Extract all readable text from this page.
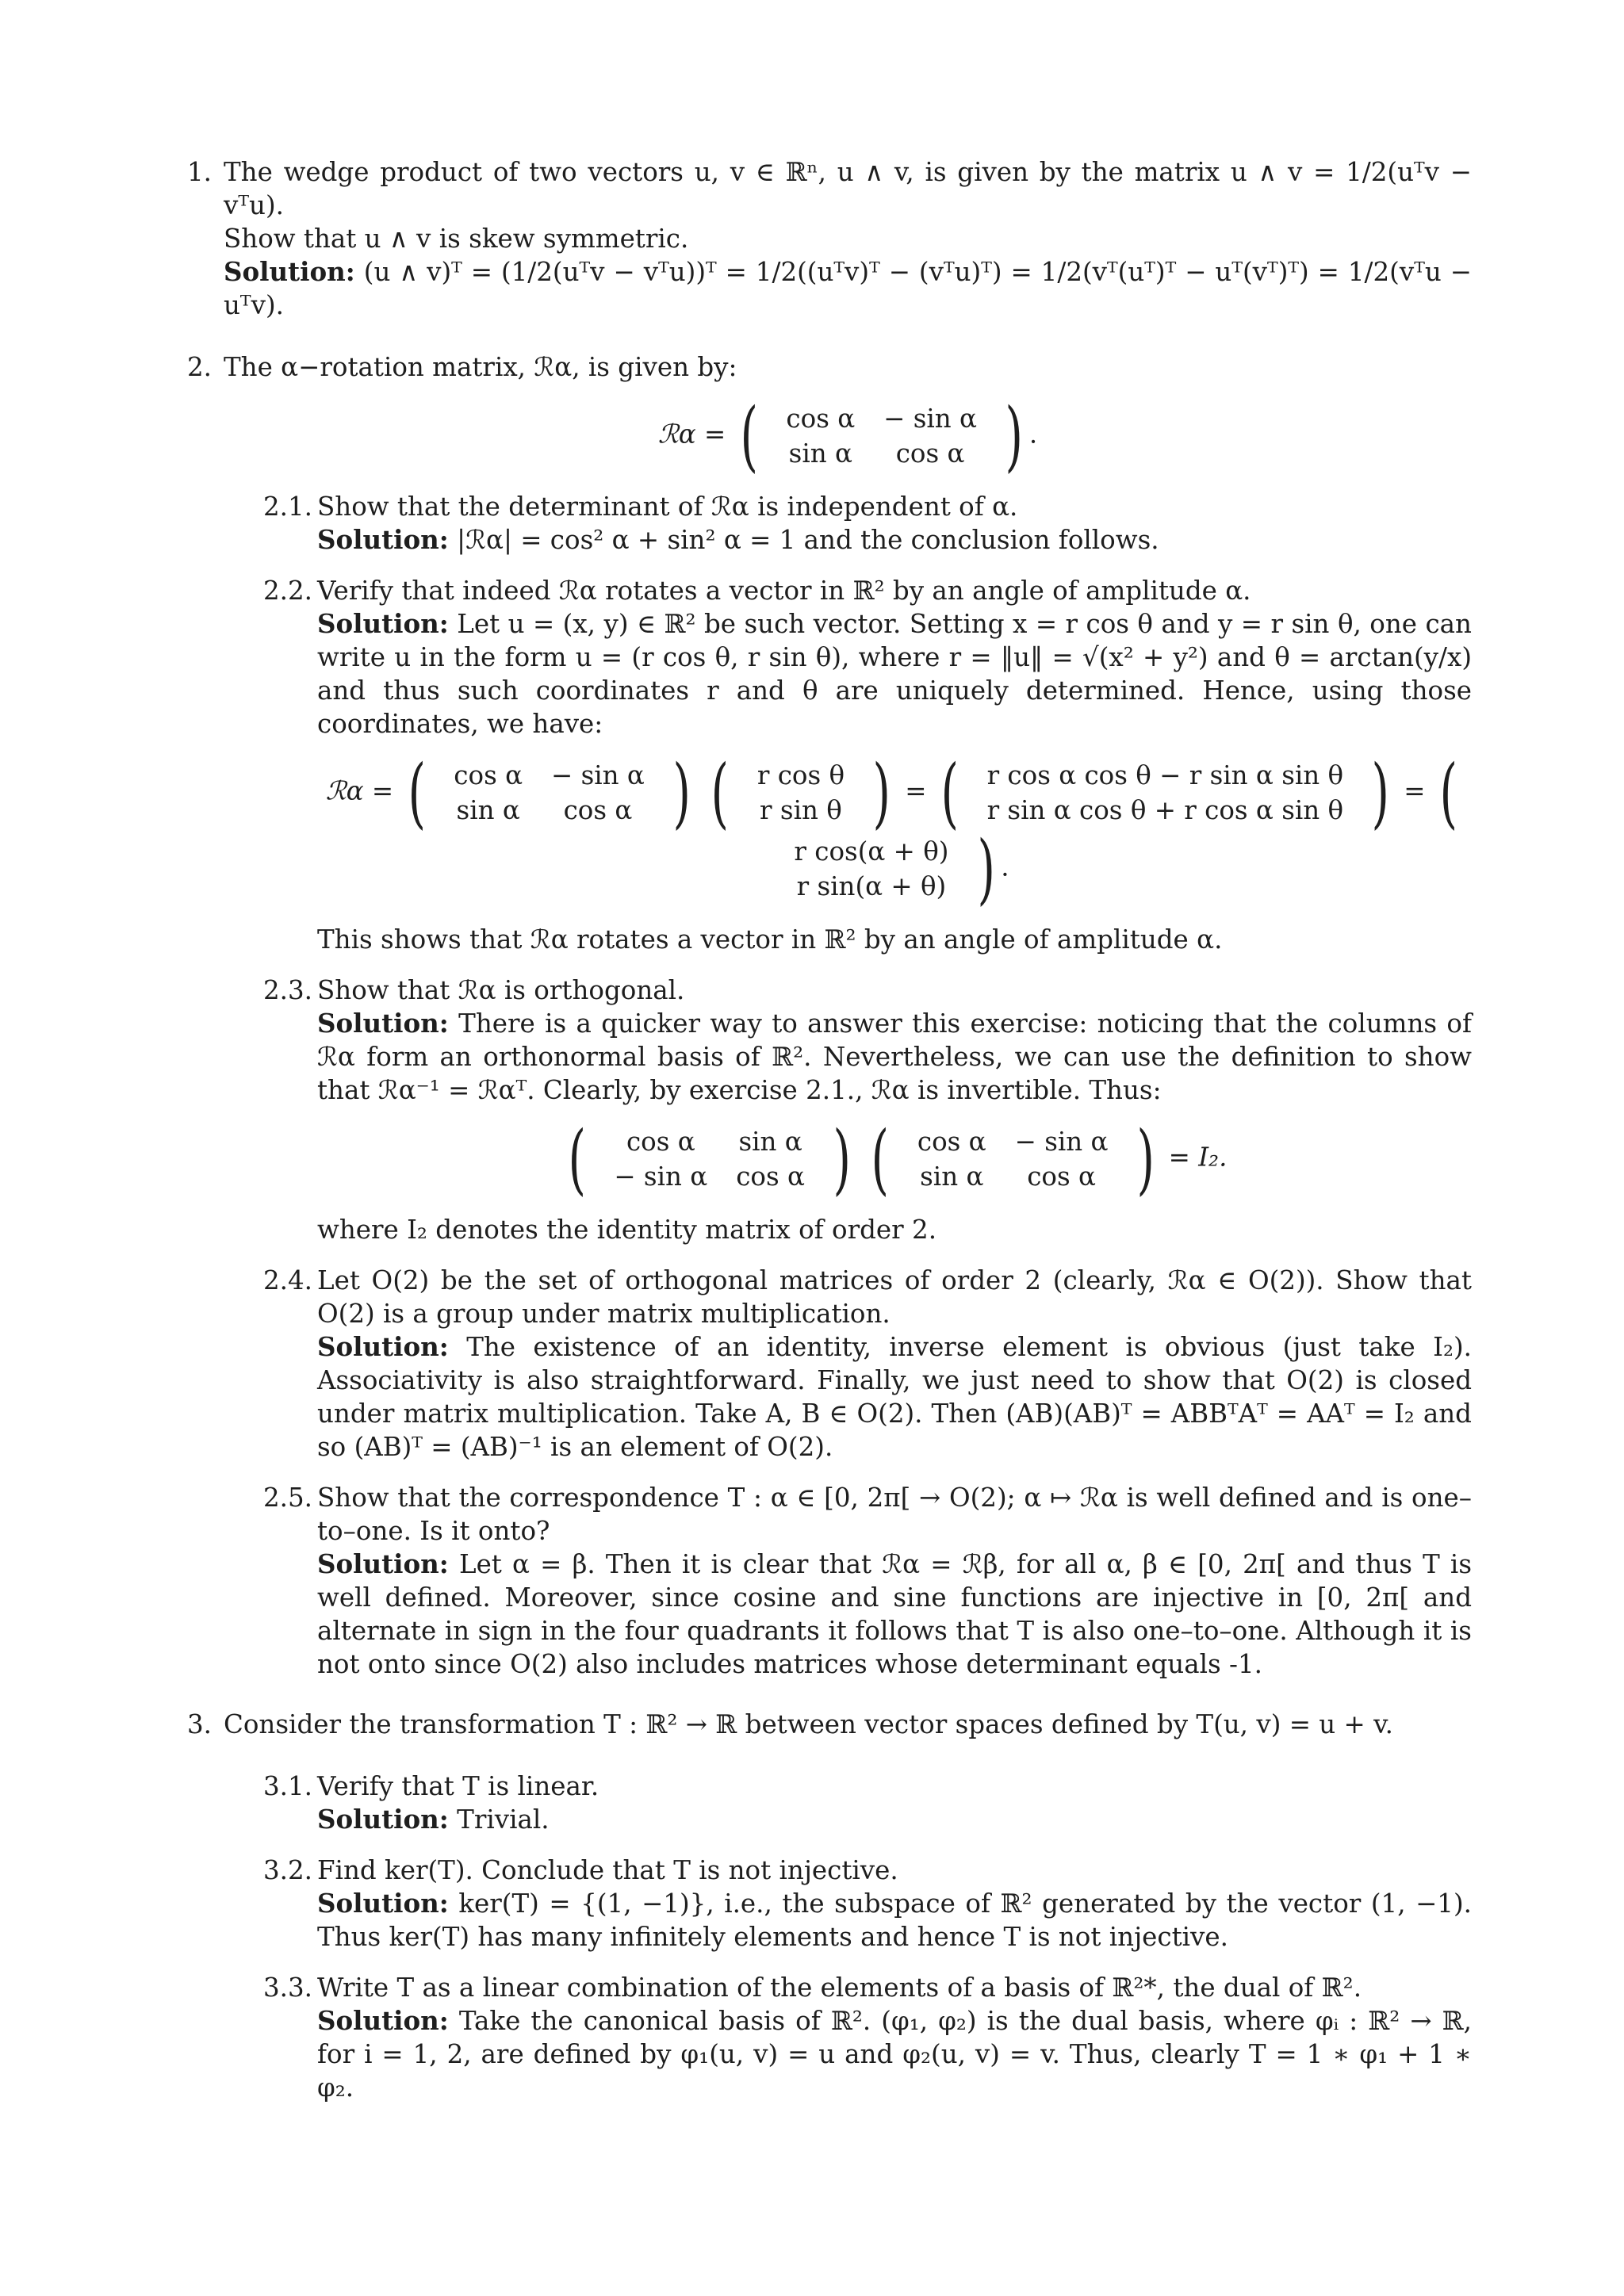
1. The wedge product of two vectors u, v ∈ ℝⁿ, u ∧ v, is given by the matrix u ∧ v = 1/2(uᵀv − vᵀu).
Show that u ∧ v is skew symmetric.
Solution: (u ∧ v)ᵀ = (1/2(uᵀv − vᵀu))ᵀ = 1/2((uᵀv)ᵀ − (vᵀu)ᵀ) = 1/2(vᵀ(uᵀ)ᵀ − uᵀ(vᵀ)ᵀ) = 1/2(vᵀu − uᵀv).
2. The α−rotation matrix, ℛα, is given by:
ℛα = ( cos α	− sin α
sin α	cos α ) .
2.1. Show that the determinant of ℛα is independent of α.
Solution: |ℛα| = cos² α + sin² α = 1 and the conclusion follows.
2.2. Verify that indeed ℛα rotates a vector in ℝ² by an angle of amplitude α.
Solution: Let u = (x, y) ∈ ℝ² be such vector. Setting x = r cos θ and y = r sin θ, one can write u in the form u = (r cos θ, r sin θ), where r = ‖u‖ = √(x² + y²) and θ = arctan(y/x) and thus such coordinates r and θ are uniquely determined. Hence, using those coordinates, we have:
ℛα = ( cos α	− sin α
sin α	cos α ) ( r cos θ
r sin θ ) = ( r cos α cos θ − r sin α sin θ
r sin α cos θ + r cos α sin θ ) = ( r cos(α + θ)
r sin(α + θ) ) .
This shows that ℛα rotates a vector in ℝ² by an angle of amplitude α.
2.3. Show that ℛα is orthogonal.
Solution: There is a quicker way to answer this exercise: noticing that the columns of ℛα form an orthonormal basis of ℝ². Nevertheless, we can use the definition to show that ℛα⁻¹ = ℛαᵀ. Clearly, by exercise 2.1., ℛα is invertible. Thus:
( cos α	sin α
− sin α	cos α ) ( cos α	− sin α
sin α	cos α ) = I₂.
where I₂ denotes the identity matrix of order 2.
2.4. Let O(2) be the set of orthogonal matrices of order 2 (clearly, ℛα ∈ O(2)). Show that O(2) is a group under matrix multiplication.
Solution: The existence of an identity, inverse element is obvious (just take I₂). Associativity is also straightforward. Finally, we just need to show that O(2) is closed under matrix multiplication. Take A, B ∈ O(2). Then (AB)(AB)ᵀ = ABBᵀAᵀ = AAᵀ = I₂ and so (AB)ᵀ = (AB)⁻¹ is an element of O(2).
2.5. Show that the correspondence T : α ∈ [0, 2π[ → O(2); α ↦ ℛα is well defined and is one–to–one. Is it onto?
Solution: Let α = β. Then it is clear that ℛα = ℛβ, for all α, β ∈ [0, 2π[ and thus T is well defined. Moreover, since cosine and sine functions are injective in [0, 2π[ and alternate in sign in the four quadrants it follows that T is also one–to–one. Although it is not onto since O(2) also includes matrices whose determinant equals -1.
3. Consider the transformation T : ℝ² → ℝ between vector spaces defined by T(u, v) = u + v.
3.1. Verify that T is linear.
Solution: Trivial.
3.2. Find ker(T). Conclude that T is not injective.
Solution: ker(T) = {(1, −1)}, i.e., the subspace of ℝ² generated by the vector (1, −1). Thus ker(T) has many infinitely elements and hence T is not injective.
3.3. Write T as a linear combination of the elements of a basis of ℝ²*, the dual of ℝ².
Solution: Take the canonical basis of ℝ². (φ₁, φ₂) is the dual basis, where φᵢ : ℝ² → ℝ, for i = 1, 2, are defined by φ₁(u, v) = u and φ₂(u, v) = v. Thus, clearly T = 1 ∗ φ₁ + 1 ∗ φ₂.
